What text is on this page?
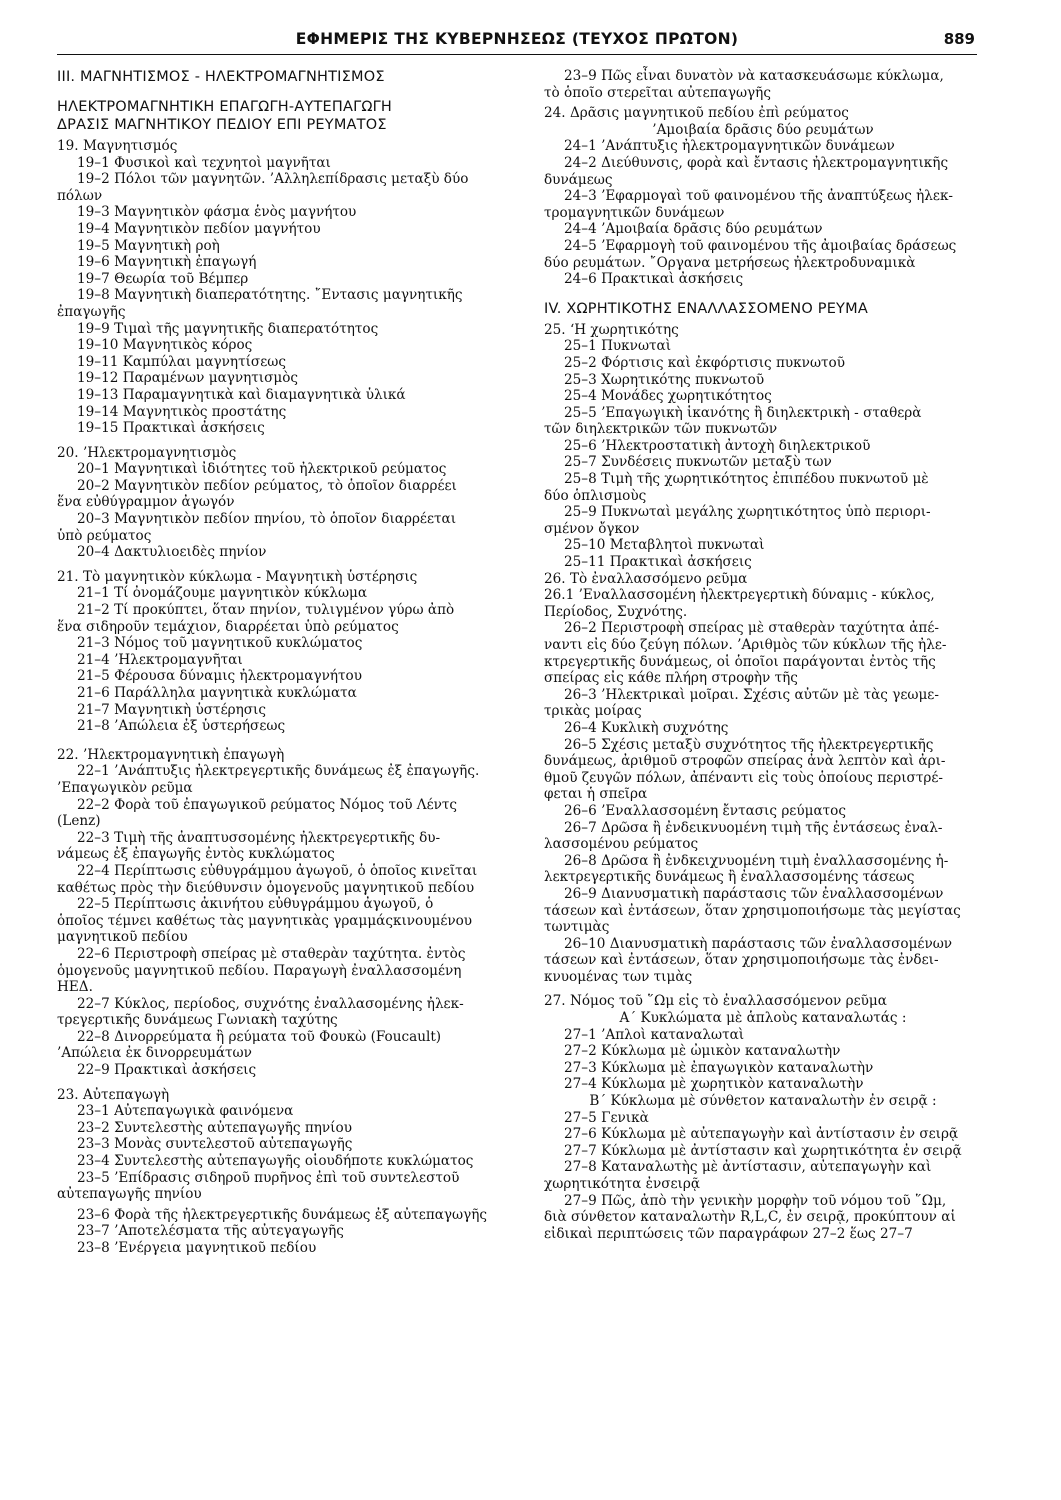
ΕΦΗΜΕΡΙΣ ΤΗΣ ΚΥΒΕΡΝΗΣΕΩΣ (ΤΕΥΧΟΣ ΠΡΩΤΟΝ)	889

III. ΜΑΓΝΗΤΙΣΜΟΣ - ΗΛΕΚΤΡΟΜΑΓΝΗΤΙΣΜΟΣ

ΗΛΕΚΤΡΟΜΑΓΝΗΤΙΚΗ ΕΠΑΓΩΓΗ-ΑΥΤΕΠΑΓΩΓΗ

ΔΡΑΣΙΣ ΜΑΓΝΗΤΙΚΟΥ ΠΕΔΙΟΥ ΕΠΙ ΡΕΥΜΑΤΟΣ

19. Μαγνητισμός

19–1 Φυσικοὶ καὶ τεχνητοὶ μαγνῆται

19–2 Πόλοι τῶν μαγνητῶν. ’Αλληλεπίδρασις μεταξὺ δύο

πόλων

19–3 Μαγνητικὸν φάσμα ἑνὸς μαγνήτου

19–4 Μαγνητικὸν πεδίον μαγνήτου

19–5 Μαγνητικὴ ροὴ

19–6 Μαγνητικὴ ἐπαγωγή

19–7 Θεωρία τοῦ Βέμπερ

19–8 Μαγνητικὴ διαπερατότητης. ῎Εντασις μαγνητικῆς

ἐπαγωγῆς

19–9 Τιμαὶ τῆς μαγνητικῆς διαπερατότητος

19–10 Μαγνητικὸς κόρος

19–11 Καμπύλαι μαγνητίσεως

19–12 Παραμένων μαγνητισμὸς

19–13 Παραμαγνητικὰ καὶ διαμαγνητικὰ ὑλικά

19–14 Μαγνητικὸς προστάτης

19–15 Πρακτικαὶ ἀσκήσεις

20. ’Ηλεκτρομαγνητισμὸς

20–1 Μαγνητικαὶ ἰδιότητες τοῦ ἠλεκτρικοῦ ρεύματος

20–2 Μαγνητικὸν πεδίον ρεύματος, τὸ ὁποῖον διαρρέει

ἕνα εὐθύγραμμον ἀγωγόν

20–3 Μαγνητικὸν πεδίον πηνίου, τὸ ὁποῖον διαρρέεται

ὑπὸ ρεύματος

20–4 Δακτυλιοειδὲς πηνίον

21. Τὸ μαγνητικὸν κύκλωμα - Μαγνητικὴ ὑστέρησις

21–1 Τί ὀνομάζουμε μαγνητικὸν κύκλωμα

21–2 Τί προκύπτει, ὅταν πηνίον, τυλιγμένον γύρω ἀπὸ

ἕνα σιδηροῦν τεμάχιον, διαρρέεται ὑπὸ ρεύματος

21–3 Νόμος τοῦ μαγνητικοῦ κυκλώματος

21–4 ’Ηλεκτρομαγνῆται

21–5 Φέρουσα δύναμις ἠλεκτρομαγνήτου

21–6 Παράλληλα μαγνητικὰ κυκλώματα

21–7 Μαγνητικὴ ὑστέρησις

21–8 ’Απώλεια ἐξ ὑστερήσεως

22. ’Ηλεκτρομαγνητικὴ ἐπαγωγὴ

22–1 ’Ανάπτυξις ἠλεκτρεγερτικῆς δυνάμεως ἐξ ἐπαγωγῆς.

’Επαγωγικὸν ρεῦμα

22–2 Φορὰ τοῦ ἐπαγωγικοῦ ρεύματος Νόμος τοῦ Λέντς

(Lenz)

22–3 Τιμὴ τῆς ἀναπτυσσομένης ἠλεκτρεγερτικῆς δυ-

νάμεως ἐξ ἐπαγωγῆς ἐντὸς κυκλώματος

22–4 Περίπτωσις εὐθυγράμμου ἀγωγοῦ, ὁ ὁποῖος κινεῖται

καθέτως πρὸς τὴν διεύθυνσιν ὁμογενοῦς μαγνητικοῦ πεδίου

22–5 Περίπτωσις ἀκινήτου εὐθυγράμμου ἀγωγοῦ, ὁ

ὁποῖος τέμνει καθέτως τὰς μαγνητικὰς γραμμάςκινουμένου

μαγνητικοῦ πεδίου

22–6 Περιστροφὴ σπείρας μὲ σταθερὰν ταχύτητα. ἐντὸς

ὁμογενοῦς μαγνητικοῦ πεδίου. Παραγωγὴ ἐναλλασσομένη

ΗΕΔ.

22–7 Κύκλος, περίοδος, συχνότης ἐναλλασομένης ἠλεκ-

τρεγερτικῆς δυνάμεως Γωνιακὴ ταχύτης

22–8 Δινορρεύματα ἢ ρεύματα τοῦ Φουκὼ (Foucault)

’Απώλεια ἐκ δινορρευμάτων

22–9 Πρακτικαὶ ἀσκήσεις

23. Αὐτεπαγωγὴ

23–1 Αὐτεπαγωγικὰ φαινόμενα

23–2 Συντελεστὴς αὐτεπαγωγῆς πηνίου

23–3 Μονὰς συντελεστοῦ αὐτεπαγωγῆς

23–4 Συντελεστὴς αὐτεπαγωγῆς οἱουδήποτε κυκλώματος

23–5 ’Επίδρασις σιδηροῦ πυρῆνος ἐπὶ τοῦ συντελεστοῦ

αὐτεπαγωγῆς πηνίου

23–6 Φορὰ τῆς ἠλεκτρεγερτικῆς δυνάμεως ἐξ αὐτεπαγωγῆς

23–7 ’Αποτελέσματα τῆς αὐτεγαγωγῆς

23–8 ’Ενέργεια μαγνητικοῦ πεδίου

23–9 Πῶς εἶναι δυνατὸν νὰ κατασκευάσωμε κύκλωμα,

τὸ ὁποῖο στερεῖται αὐτεπαγωγῆς

24. Δρᾶσις μαγνητικοῦ πεδίου ἐπὶ ρεύματος

’Αμοιβαία δρᾶσις δύο ρευμάτων

24–1 ’Ανάπτυξις ἠλεκτρομαγνητικῶν δυνάμεων

24–2 Διεύθυνσις, φορὰ καὶ ἔντασις ἠλεκτρομαγνητικῆς

δυνάμεως

24–3 ’Εφαρμογαὶ τοῦ φαινομένου τῆς ἀναπτύξεως ἠλεκ-

τρομαγνητικῶν δυνάμεων

24–4 ’Αμοιβαία δρᾶσις δύο ρευμάτων

24–5 ’Εφαρμογὴ τοῦ φαινομένου τῆς ἀμοιβαίας δράσεως

δύο ρευμάτων. ῎Οργανα μετρήσεως ἠλεκτροδυναμικὰ

24–6 Πρακτικαὶ ἀσκήσεις

IV. ΧΩΡΗΤΙΚΟΤΗΣ ΕΝΑΛΛΑΣΣΟΜΕΝΟ ΡΕΥΜΑ

25. ‘Η χωρητικότης

25–1 Πυκνωταὶ

25–2 Φόρτισις καὶ ἐκφόρτισις πυκνωτοῦ

25–3 Χωρητικότης πυκνωτοῦ

25–4 Μονάδες χωρητικότητος

25–5 ’Επαγωγικὴ ἱκανότης ἢ διηλεκτρικὴ - σταθερὰ

τῶν διηλεκτρικῶν τῶν πυκνωτῶν

25–6 ’Ηλεκτροστατικὴ ἀντοχὴ διηλεκτρικοῦ

25–7 Συνδέσεις πυκνωτῶν μεταξὺ των

25–8 Τιμὴ τῆς χωρητικότητος ἐπιπέδου πυκνωτοῦ μὲ

δύο ὁπλισμοὺς

25–9 Πυκνωταὶ μεγάλης χωρητικότητος ὑπὸ περιορι-

σμένον ὄγκον

25–10 Μεταβλητοὶ πυκνωταὶ

25–11 Πρακτικαὶ ἀσκήσεις

26. Τὸ ἐναλλασσόμενο ρεῦμα

26.1 ’Εναλλασσομένη ἠλεκτρεγερτικὴ δύναμις - κύκλος,

Περίοδος, Συχνότης.

26–2 Περιστροφὴ σπείρας μὲ σταθερὰν ταχύτητα ἀπέ-

ναντι εἰς δύο ζεύγη πόλων. ’Αριθμὸς τῶν κύκλων τῆς ἠλε-

κτρεγερτικῆς δυνάμεως, οἱ ὁποῖοι παράγονται ἐντὸς τῆς

σπείρας εἰς κάθε πλήρη στροφὴν τῆς

26–3 ’Ηλεκτρικαὶ μοῖραι. Σχέσις αὐτῶν μὲ τὰς γεωμε-

τρικὰς μοίρας

26–4 Κυκλικὴ συχνότης

26–5 Σχέσις μεταξὺ συχνότητος τῆς ἠλεκτρεγερτικῆς

δυνάμεως, ἀριθμοῦ στροφῶν σπείρας ἀνὰ λεπτὸν καὶ ἀρι-

θμοῦ ζευγῶν πόλων, ἀπέναντι εἰς τοὺς ὁποίους περιστρέ-

φεται ἡ σπεῖρα

26–6 ’Εναλλασσομένη ἔντασις ρεύματος

26–7 Δρῶσα ἢ ἐνδεικνυομένη τιμὴ τῆς ἐντάσεως ἐναλ-

λασσομένου ρεύματος

26–8 Δρῶσα ἢ ἐνδκειχνυομένη τιμὴ ἐναλλασσομένης ἠ-

λεκτρεγερτικῆς δυνάμεως ἢ ἐναλλασσομένης τάσεως

26–9 Διανυσματικὴ παράστασις τῶν ἐναλλασσομένων

τάσεων καὶ ἐντάσεων, ὅταν χρησιμοποιήσωμε τὰς μεγίστας

τωντιμὰς

26–10 Διανυσματικὴ παράστασις τῶν ἐναλλασσομένων

τάσεων καὶ ἐντάσεων, ὅταν χρησιμοποιήσωμε τὰς ἐνδει-

κνυομένας των τιμὰς

27. Νόμος τοῦ ῞Ωμ εἰς τὸ ἐναλλασσόμενον ρεῦμα

Α΄ Κυκλώματα μὲ ἁπλοὺς καταναλωτάς :

27–1 ’Απλοὶ καταναλωταὶ

27–2 Κύκλωμα μὲ ὠμικὸν καταναλωτὴν

27–3 Κύκλωμα μὲ ἐπαγωγικὸν καταναλωτὴν

27–4 Κύκλωμα μὲ χωρητικὸν καταναλωτὴν

Β΄ Κύκλωμα μὲ σύνθετον καταναλωτὴν ἐν σειρᾷ :

27–5 Γενικὰ

27–6 Κύκλωμα μὲ αὐτεπαγωγὴν καὶ ἀντίστασιν ἐν σειρᾷ

27–7 Κύκλωμα μὲ ἀντίστασιν καὶ χωρητικότητα ἐν σειρᾷ

27–8 Καταναλωτὴς μὲ ἀντίστασιν, αὐτεπαγωγὴν καὶ

χωρητικότητα ἐνσειρᾷ

27–9 Πῶς, ἀπὸ τὴν γενικὴν μορφὴν τοῦ νόμου τοῦ ῞Ωμ,

διὰ σύνθετον καταναλωτὴν R,L,C, ἐν σειρᾷ, προκύπτουν αἱ

εἰδικαὶ περιπτώσεις τῶν παραγράφων 27–2 ἕως 27–7
